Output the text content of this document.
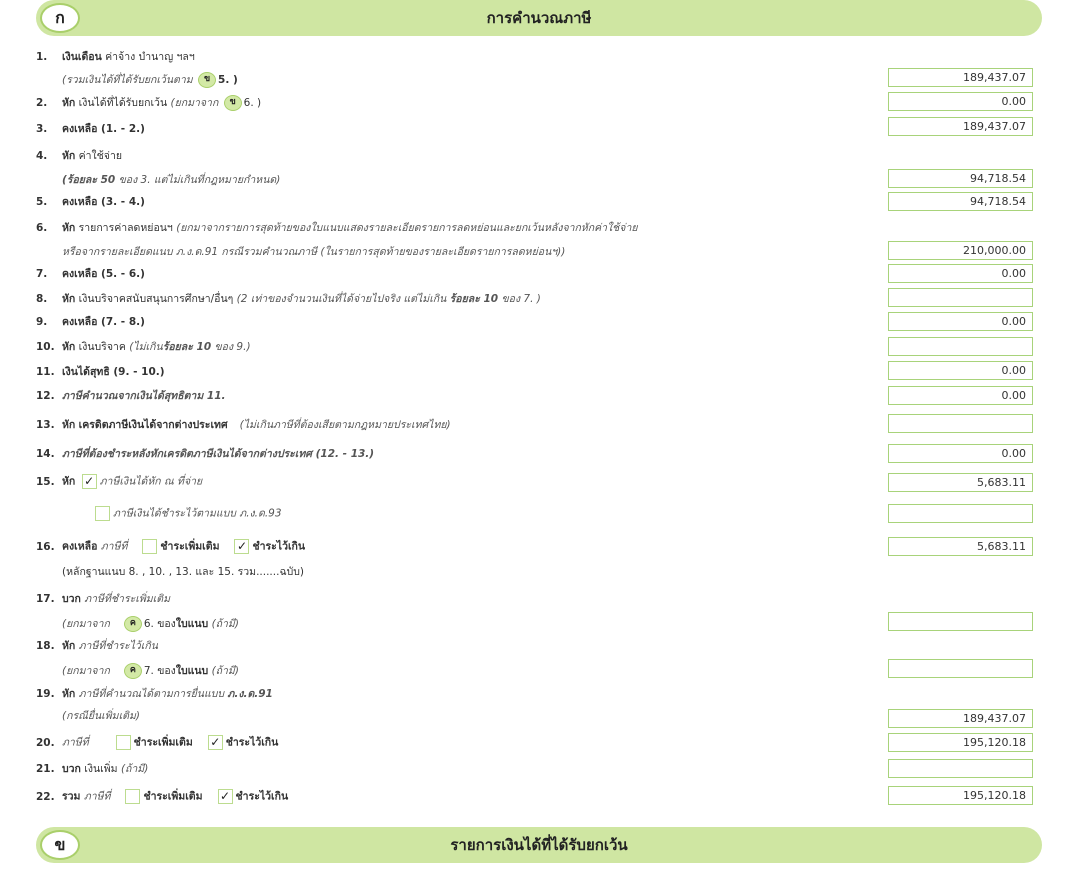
ก	การคำนวณภาษี
1. เงินเดือน ค่าจ้าง บำนาญ ฯลฯ
(รวมเงินได้ที่ได้รับยกเว้นตาม ข 5. )	189,437.07
2. หัก เงินได้ที่ได้รับยกเว้น (ยกมาจาก ข 6. )	0.00
3. คงเหลือ (1. - 2.)	189,437.07
4. หัก ค่าใช้จ่าย
(ร้อยละ 50 ของ 3. แต่ไม่เกินที่กฎหมายกำหนด)	94,718.54
5. คงเหลือ (3. - 4.)	94,718.54
6. หัก รายการค่าลดหย่อนฯ (ยกมาจากรายการสุดท้ายของใบแนบแสดงรายละเอียดรายการลดหย่อนและยกเว้นหลังจากหักค่าใช้จ่าย
หรือจากรายละเอียดแนบ ภ.ง.ด.91 กรณีรวมคำนวณภาษี (ในรายการสุดท้ายของรายละเอียดรายการลดหย่อนฯ))	210,000.00
7. คงเหลือ (5. - 6.)	0.00
8. หัก เงินบริจาคสนับสนุนการศึกษา/อื่นๆ (2 เท่าของจำนวนเงินที่ได้จ่ายไปจริง แต่ไม่เกิน ร้อยละ 10 ของ 7. )
9. คงเหลือ (7. - 8.)	0.00
10. หัก เงินบริจาค (ไม่เกินร้อยละ 10 ของ 9.)
11. เงินได้สุทธิ (9. - 10.)	0.00
12. ภาษีคำนวณจากเงินได้สุทธิตาม 11.	0.00
13. หัก เครดิตภาษีเงินได้จากต่างประเทศ (ไม่เกินภาษีที่ต้องเสียตามกฎหมายประเทศไทย)
14. ภาษีที่ต้องชำระหลังหักเครดิตภาษีเงินได้จากต่างประเทศ (12. - 13.)	0.00
15. หัก ✓ ภาษีเงินได้หัก ณ ที่จ่าย	5,683.11
ภาษีเงินได้ชำระไว้ตามแบบ ภ.ง.ด.93
16. คงเหลือ ภาษีที่	ชำระเพิ่มเติม ✓ ชำระไว้เกิน	5,683.11
(หลักฐานแนบ 8. , 10. , 13. และ 15. รวม.......ฉบับ)
17. บวก ภาษีที่ชำระเพิ่มเติม
(ยกมาจาก ค 6. ของใบแนบ (ถ้ามี)
18. หัก ภาษีที่ชำระไว้เกิน
(ยกมาจาก ค 7. ของใบแนบ (ถ้ามี)
19. หัก ภาษีที่คำนวณได้ตามการยื่นแบบ ภ.ง.ด.91
(กรณียื่นเพิ่มเติม)	189,437.07
20. ภาษีที่	ชำระเพิ่มเติม ✓ ชำระไว้เกิน	195,120.18
21. บวก เงินเพิ่ม (ถ้ามี)
22. รวม ภาษีที่	ชำระเพิ่มเติม ✓ ชำระไว้เกิน	195,120.18
ข	รายการเงินได้ที่ได้รับยกเว้น
